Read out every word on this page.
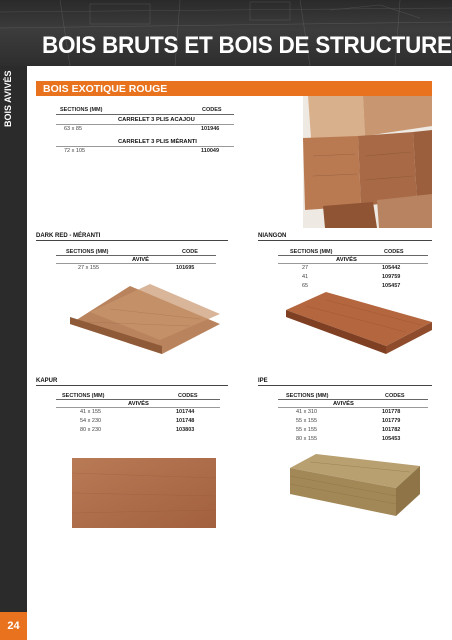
BOIS BRUTS ET BOIS DE STRUCTURE
BOIS AVIVÉS
24
BOIS EXOTIQUE ROUGE
SECTIONS (MM)	CODES
CARRELET 3 PLIS ACAJOU
63 x 85	101946
CARRELET 3 PLIS MÉRANTI
72 x 105	110049
DARK RED - MÉRANTI
SECTIONS (MM)	CODE
AVIVÉ
27 x 155	101695
NIANGON
SECTIONS (MM)	CODES
AVIVÉS
27	105442
41	109759
65	105457
KAPUR
SECTIONS (MM)	CODES
AVIVÉS
41 x 155	101744
54 x 230	101748
80 x 230	103803
IPE
SECTIONS (MM)	CODES
AVIVÉS
41 x 310	101778
55 x 155	101779
55 x 155	101782
80 x 155	105453
